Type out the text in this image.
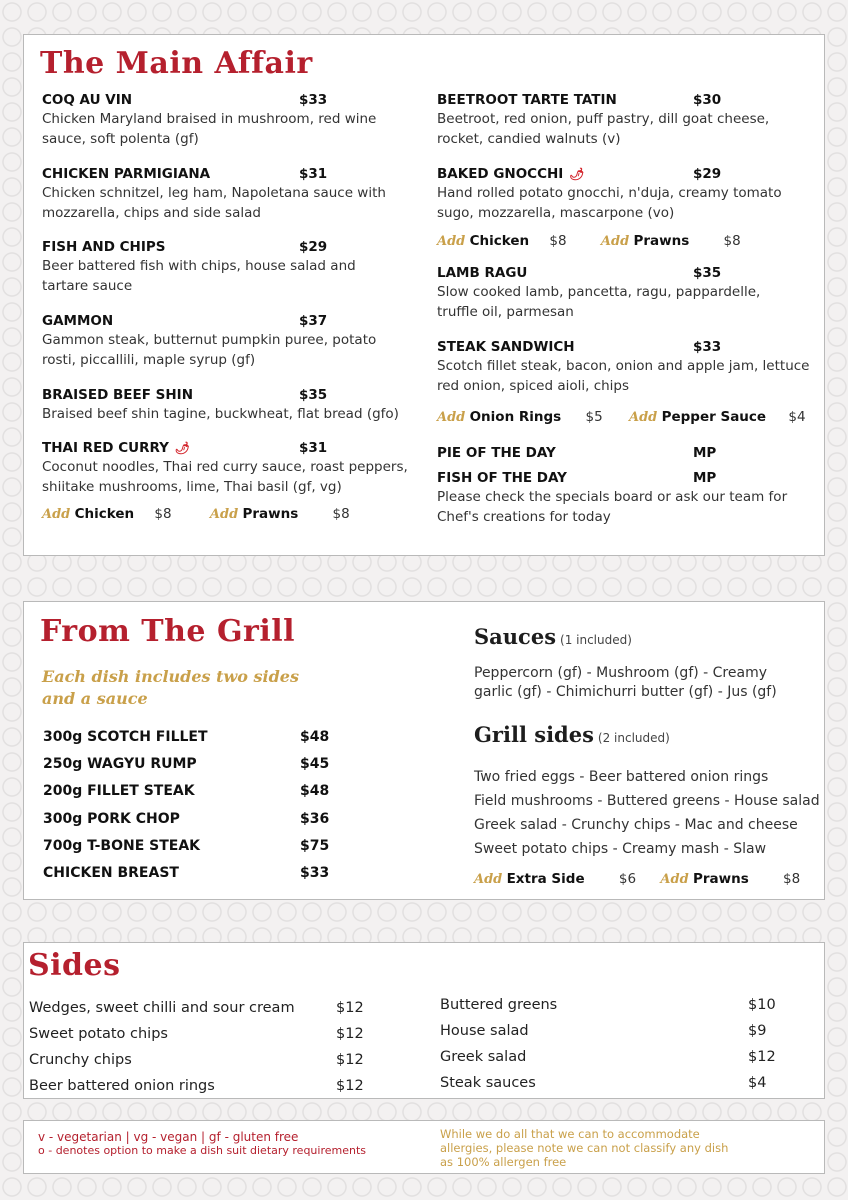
The Main Affair
COQ AU VIN	$33
Chicken Maryland braised in mushroom, red wine
sauce, soft polenta (gf)
CHICKEN PARMIGIANA	$31
Chicken schnitzel, leg ham, Napoletana sauce with
mozzarella, chips and side salad
FISH AND CHIPS	$29
Beer battered fish with chips, house salad and
tartare sauce
GAMMON	$37
Gammon steak, butternut pumpkin puree, potato
rosti, piccallili, maple syrup (gf)
BRAISED BEEF SHIN	$35
Braised beef shin tagine, buckwheat, flat bread (gfo)
THAI RED CURRY 🌶	$31
Coconut noodles, Thai red curry sauce, roast peppers,
shiitake mushrooms, lime, Thai basil (gf, vg)
Add Chicken $8	Add Prawns	$8
BEETROOT TARTE TATIN	$30
Beetroot, red onion, puff pastry, dill goat cheese,
rocket, candied walnuts (v)
BAKED GNOCCHI 🌶	$29
Hand rolled potato gnocchi, n'duja, creamy tomato
sugo, mozzarella, mascarpone (vo)
Add Chicken $8	Add Prawns	$8
LAMB RAGU	$35
Slow cooked lamb, pancetta, ragu, pappardelle,
truffle oil, parmesan
STEAK SANDWICH	$33
Scotch fillet steak, bacon, onion and apple jam, lettuce
red onion, spiced aioli, chips
Add Onion Rings $5 Add Pepper Sauce $4
PIE OF THE DAY	MP
FISH OF THE DAY	MP
Please check the specials board or ask our team for
Chef's creations for today
From The Grill
Each dish includes two sides
and a sauce
300g SCOTCH FILLET	$48
250g WAGYU RUMP	$45
200g FILLET STEAK	$48
300g PORK CHOP	$36
700g T-BONE STEAK	$75
CHICKEN BREAST	$33
Sauces (1 included)
Peppercorn (gf) - Mushroom (gf) - Creamy
garlic (gf) - Chimichurri butter (gf) - Jus (gf)
Grill sides (2 included)
Two fried eggs - Beer battered onion rings
Field mushrooms - Buttered greens - House salad
Greek salad - Crunchy chips - Mac and cheese
Sweet potato chips - Creamy mash - Slaw
Add Extra Side	$6 Add Prawns	$8
Sides
Wedges, sweet chilli and sour cream	$12
Sweet potato chips	$12
Crunchy chips	$12
Beer battered onion rings	$12
Buttered greens	$10
House salad	$9
Greek salad	$12
Steak sauces	$4
v - vegetarian | vg - vegan | gf - gluten free
o - denotes option to make a dish suit dietary requirements
While we do all that we can to accommodate
allergies, please note we can not classify any dish
as 100% allergen free
